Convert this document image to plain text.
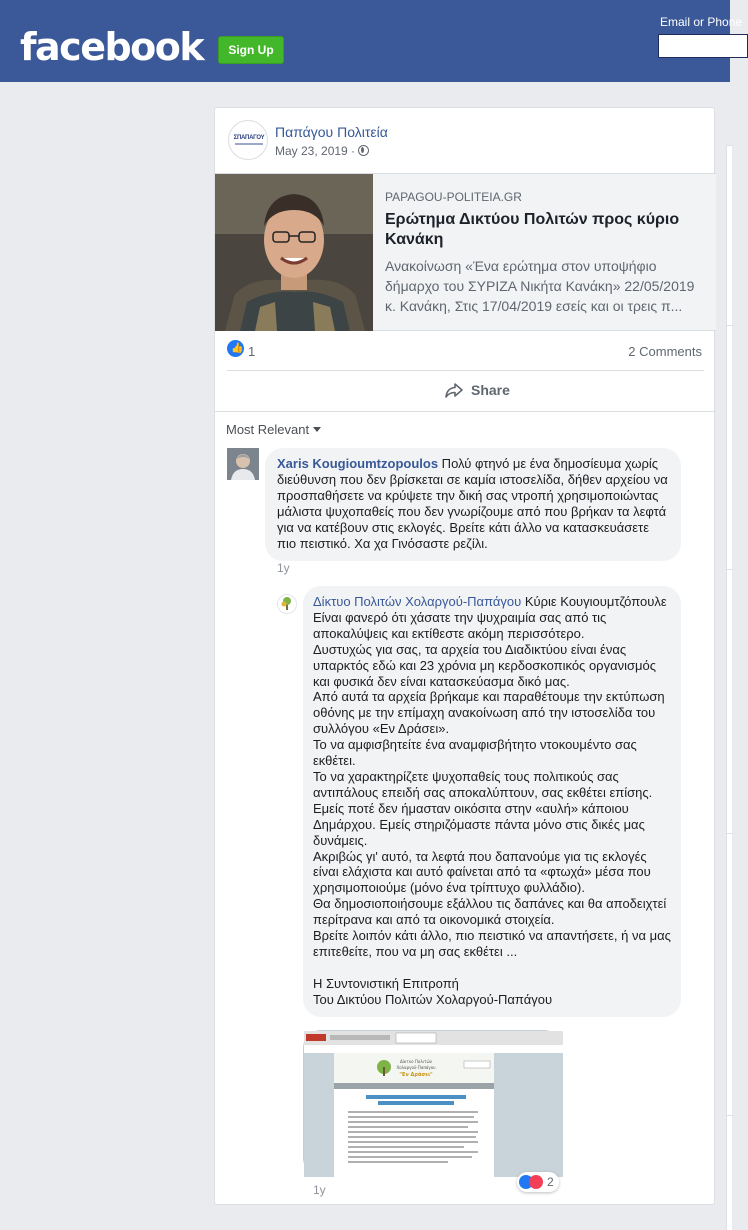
facebook	Sign Up
Email or Phone
ΣΠΑΠΑΓΟΥ Παπάγου Πολιτεία
May 23, 2019 ·
PAPAGOU-POLITEIA.GR
Ερώτημα Δικτύου Πολιτών προς κύριο Κανάκη
Ανακοίνωση «Ένα ερώτημα στον υποψήφιο δήμαρχο του ΣΥΡΙΖΑ Νικήτα Κανάκη» 22/05/2019 κ. Κανάκη, Στις 17/04/2019 εσείς και οι τρεις π...
👍 1	2 Comments
Share
Most Relevant

Xaris Kougioumtzopoulos Πολύ φτηνό με ένα δημοσίευμα χωρίς διεύθυνση που δεν βρίσκεται σε καμία ιστοσελίδα, δήθεν αρχείου να προσπαθήσετε να κρύψετε την δική σας ντροπή χρησιμοποιώντας μάλιστα ψυχοπαθείς που δεν γνωρίζουμε από που βρήκαν τα λεφτά για να κατέβουν στις εκλογές. Βρείτε κάτι άλλο να κατασκευάσετε πιο πειστικό. Χα χα Γινόσαστε ρεζίλι.

1y

Δίκτυο Πολιτών Χολαργού-Παπάγου Κύριε Κουγιουμτζόπουλε
Είναι φανερό ότι χάσατε την ψυχραιμία σας από τις αποκαλύψεις και εκτίθεστε ακόμη περισσότερο.
Δυστυχώς για σας, τα αρχεία του Διαδικτύου είναι ένας υπαρκτός εδώ και 23 χρόνια μη κερδοσκοπικός οργανισμός και φυσικά δεν είναι κατασκεύασμα δικό μας.
Από αυτά τα αρχεία βρήκαμε και παραθέτουμε την εκτύπωση οθόνης με την επίμαχη ανακοίνωση από την ιστοσελίδα του συλλόγου «Εν Δράσει».
Το να αμφισβητείτε ένα αναμφισβήτητο ντοκουμέντο σας εκθέτει.
Το να χαρακτηρίζετε ψυχοπαθείς τους πολιτικούς σας αντιπάλους επειδή σας αποκαλύπτουν, σας εκθέτει επίσης.
Εμείς ποτέ δεν ήμασταν οικόσιτα στην «αυλή» κάποιου Δημάρχου. Εμείς στηριζόμαστε πάντα μόνο στις δικές μας δυνάμεις.
Ακριβώς γι' αυτό, τα λεφτά που δαπανούμε για τις εκλογές είναι ελάχιστα και αυτό φαίνεται από τα «φτωχά» μέσα που χρησιμοποιούμε (μόνο ένα τρίπτυχο φυλλάδιο).
Θα δημοσιοποιήσουμε εξάλλου τις δαπάνες και θα αποδειχτεί περίτρανα και από τα οικονομικά στοιχεία.
Βρείτε λοιπόν κάτι άλλο, πιο πειστικό να απαντήσετε, ή να μας επιτεθείτε, που να μη σας εκθέτει ...

Η Συντονιστική Επιτροπή
Του Δικτύου Πολιτών Χολαργού-Παπάγου

Δίκτυο Πολιτών
Χολαργού-Παπάγου
"Εν Δράσει"
2
1y
